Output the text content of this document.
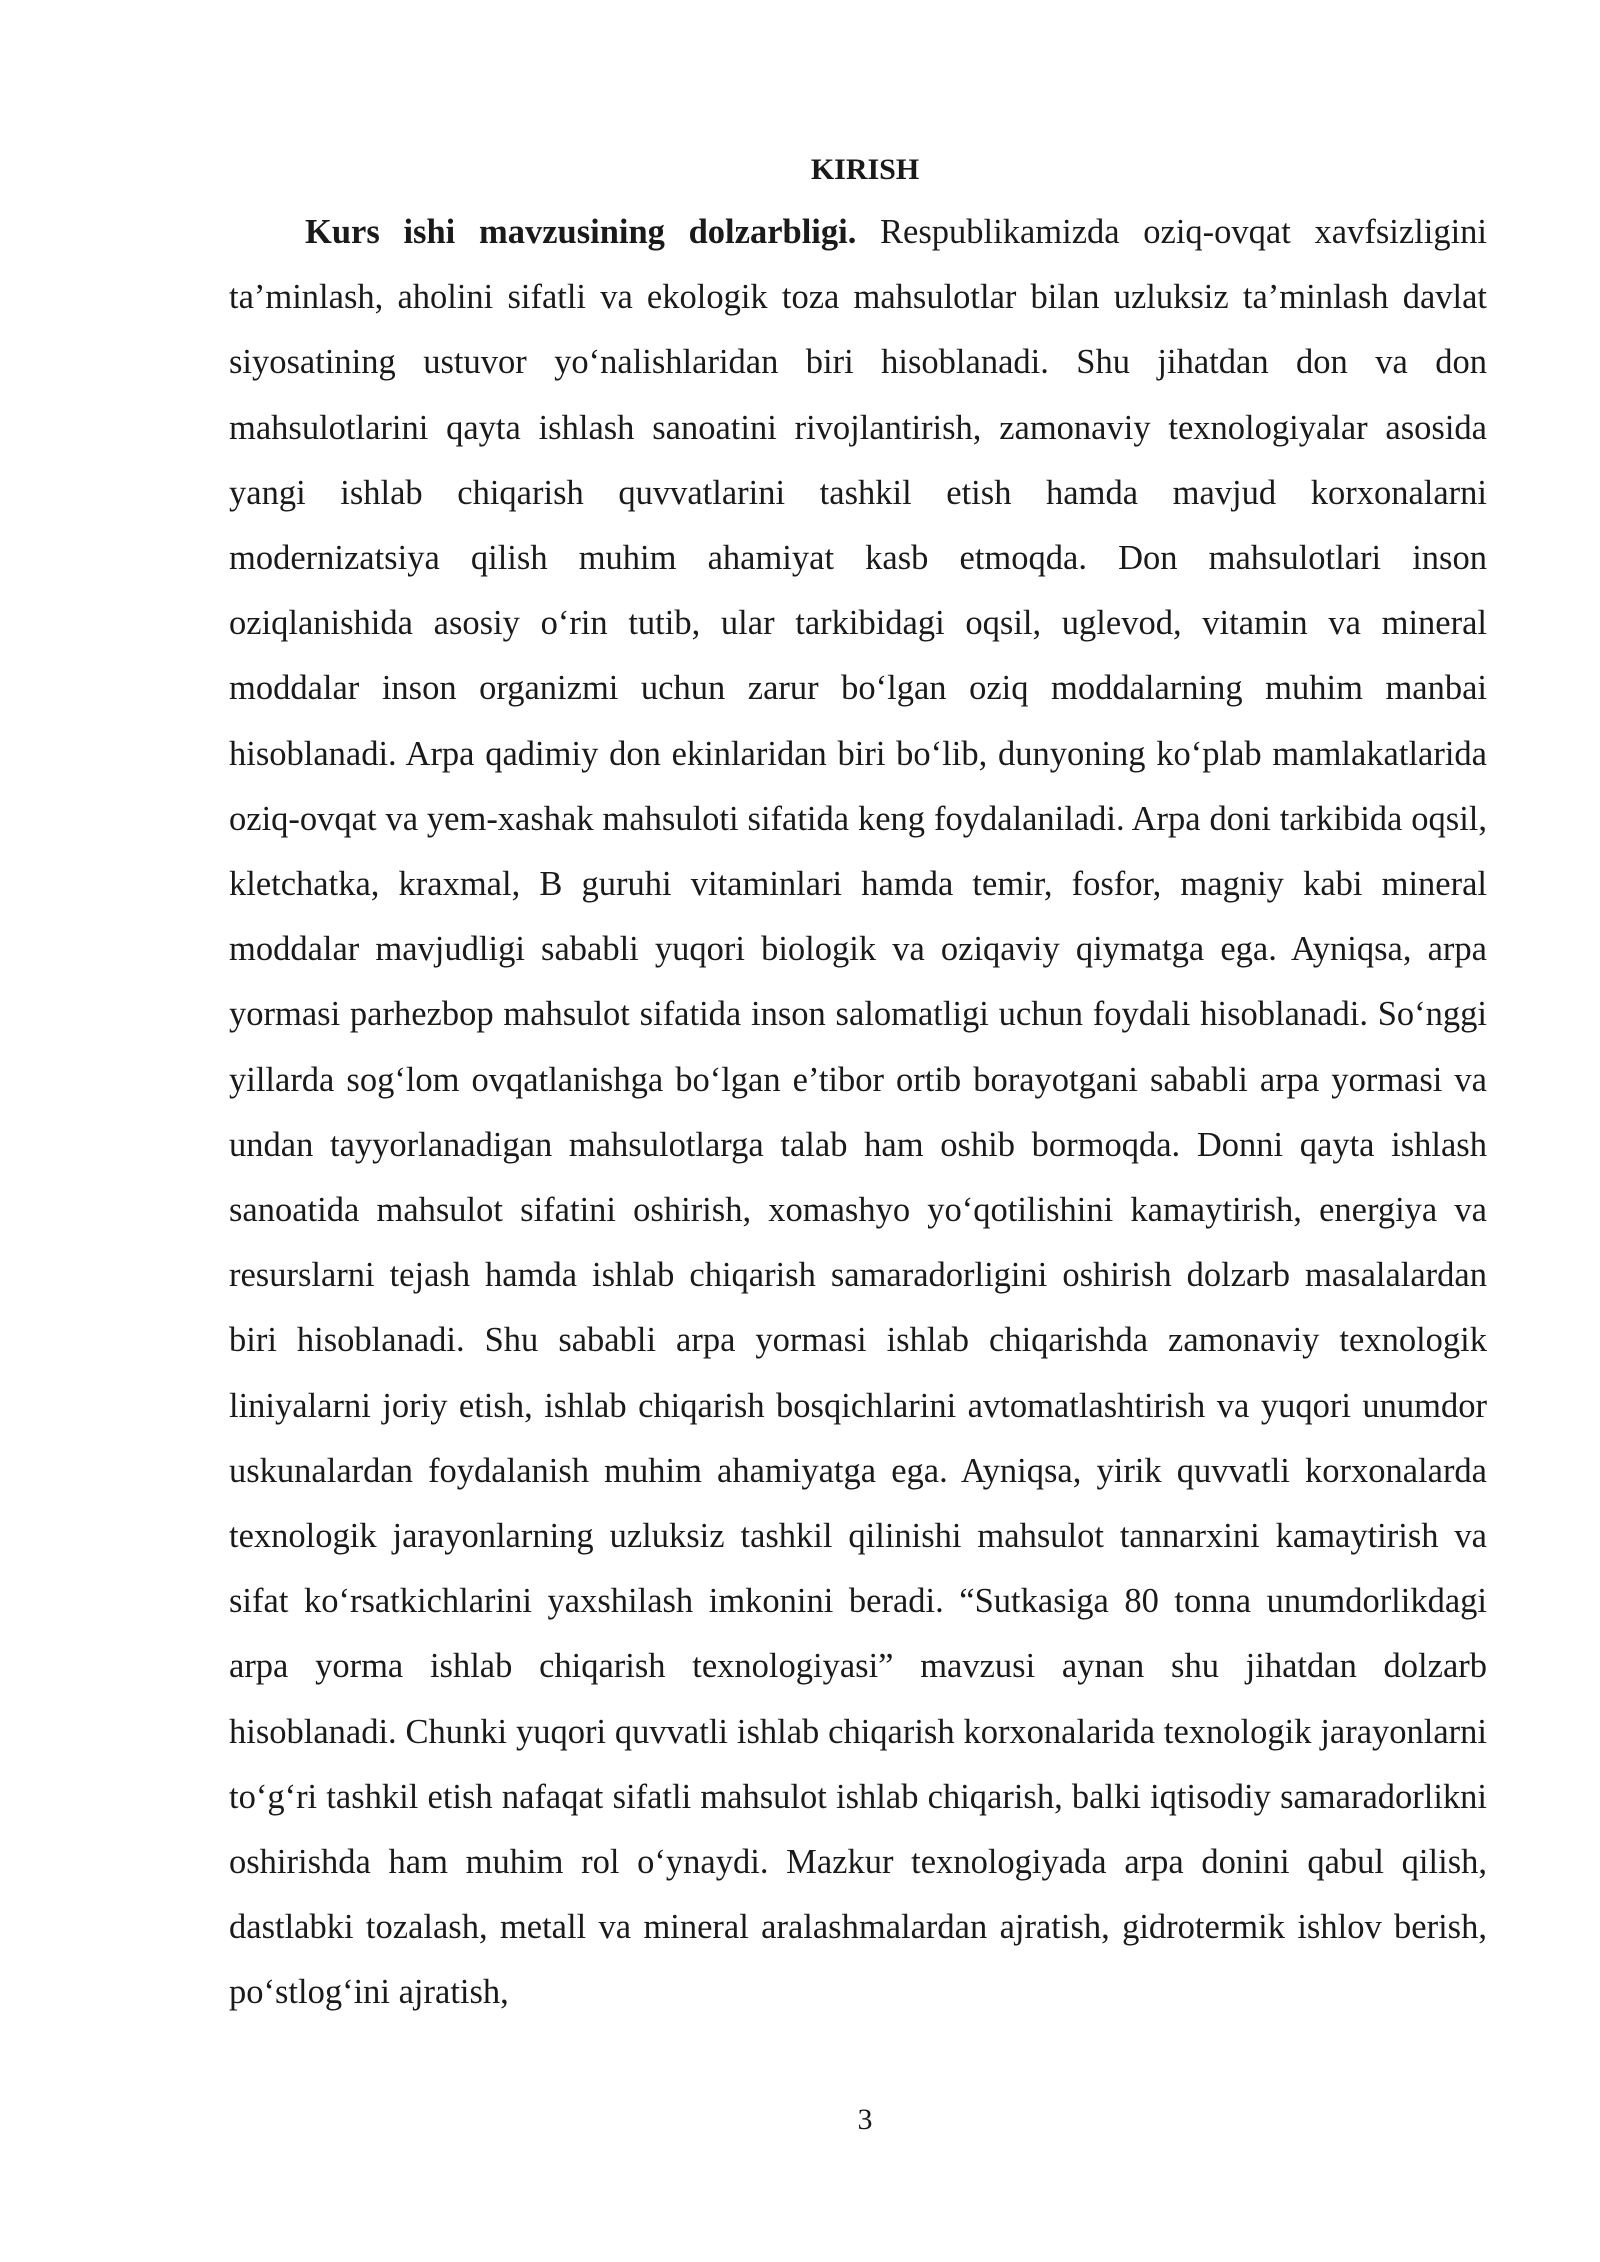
KIRISH

Kurs ishi mavzusining dolzarbligi. Respublikamizda oziq-ovqat xavfsizligini ta’minlash, aholini sifatli va ekologik toza mahsulotlar bilan uzluksiz ta’minlash davlat siyosatining ustuvor yo‘nalishlaridan biri hisoblanadi. Shu jihatdan don va don mahsulotlarini qayta ishlash sanoatini rivojlantirish, zamonaviy texnologiyalar asosida yangi ishlab chiqarish quvvatlarini tashkil etish hamda mavjud korxonalarni modernizatsiya qilish muhim ahamiyat kasb etmoqda. Don mahsulotlari inson oziqlanishida asosiy o‘rin tutib, ular tarkibidagi oqsil, uglevod, vitamin va mineral moddalar inson organizmi uchun zarur bo‘lgan oziq moddalarning muhim manbai hisoblanadi. Arpa qadimiy don ekinlaridan biri bo‘lib, dunyoning ko‘plab mamlakatlarida oziq-ovqat va yem-xashak mahsuloti sifatida keng foydalaniladi. Arpa doni tarkibida oqsil, kletchatka, kraxmal, B guruhi vitaminlari hamda temir, fosfor, magniy kabi mineral moddalar mavjudligi sababli yuqori biologik va oziqaviy qiymatga ega. Ayniqsa, arpa yormasi parhezbop mahsulot sifatida inson salomatligi uchun foydali hisoblanadi. So‘nggi yillarda sog‘lom ovqatlanishga bo‘lgan e’tibor ortib borayotgani sababli arpa yormasi va undan tayyorlanadigan mahsulotlarga talab ham oshib bormoqda. Donni qayta ishlash sanoatida mahsulot sifatini oshirish, xomashyo yo‘qotilishini kamaytirish, energiya va resurslarni tejash hamda ishlab chiqarish samaradorligini oshirish dolzarb masalalardan biri hisoblanadi. Shu sababli arpa yormasi ishlab chiqarishda zamonaviy texnologik liniyalarni joriy etish, ishlab chiqarish bosqichlarini avtomatlashtirish va yuqori unumdor uskunalardan foydalanish muhim ahamiyatga ega. Ayniqsa, yirik quvvatli korxonalarda texnologik jarayonlarning uzluksiz tashkil qilinishi mahsulot tannarxini kamaytirish va sifat ko‘rsatkichlarini yaxshilash imkonini beradi. “Sutkasiga 80 tonna unumdorlikdagi arpa yorma ishlab chiqarish texnologiyasi” mavzusi aynan shu jihatdan dolzarb hisoblanadi. Chunki yuqori quvvatli ishlab chiqarish korxonalarida texnologik jarayonlarni to‘g‘ri tashkil etish nafaqat sifatli mahsulot ishlab chiqarish, balki iqtisodiy samaradorlikni oshirishda ham muhim rol o‘ynaydi. Mazkur texnologiyada arpa donini qabul qilish, dastlabki tozalash, metall va mineral aralashmalardan ajratish, gidrotermik ishlov berish, po‘stlog‘ini ajratish,

3
